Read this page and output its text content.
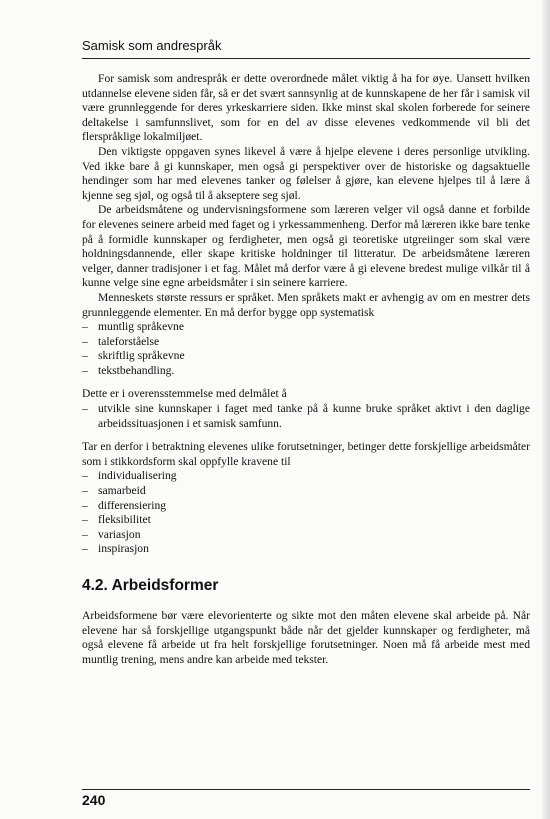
Samisk som andrespråk

For samisk som andrespråk er dette overordnede målet viktig å ha for øye. Uansett hvilken utdannelse elevene siden får, så er det svært sannsynlig at de kunnskapene de her får i samisk vil være grunnleggende for deres yrkeskarriere siden. Ikke minst skal skolen forberede for seinere deltakelse i samfunnslivet, som for en del av disse elevenes vedkommende vil bli det flerspråklige lokalmiljøet.

Den viktigste oppgaven synes likevel å være å hjelpe elevene i deres personlige utvikling. Ved ikke bare å gi kunnskaper, men også gi perspektiver over de historiske og dagsaktuelle hendinger som har med elevenes tanker og følelser å gjøre, kan elevene hjelpes til å lære å kjenne seg sjøl, og også til å akseptere seg sjøl.

De arbeidsmåtene og undervisningsformene som læreren velger vil også danne et forbilde for elevenes seinere arbeid med faget og i yrkessammenheng. Derfor må læreren ikke bare tenke på å formidle kunnskaper og ferdigheter, men også gi teoretiske utgreiinger som skal være holdningsdannende, eller skape kritiske holdninger til litteratur. De arbeidsmåtene læreren velger, danner tradisjoner i et fag. Målet må derfor være å gi elevene bredest mulige vilkår til å kunne velge sine egne arbeidsmåter i sin seinere karriere.

Menneskets største ressurs er språket. Men språkets makt er avhengig av om en mestrer dets grunnleggende elementer. En må derfor bygge opp systematisk

– muntlig språkevne
– taleforståelse
– skriftlig språkevne
– tekstbehandling.

Dette er i overensstemmelse med delmålet å

– utvikle sine kunnskaper i faget med tanke på å kunne bruke språket aktivt i den daglige arbeidssituasjonen i et samisk samfunn.

Tar en derfor i betraktning elevenes ulike forutsetninger, betinger dette forskjellige arbeidsmåter som i stikkordsform skal oppfylle kravene til

– individualisering
– samarbeid
– differensiering
– fleksibilitet
– variasjon
– inspirasjon
4.2. Arbeidsformer

Arbeidsformene bør være elevorienterte og sikte mot den måten elevene skal arbeide på. Når elevene har så forskjellige utgangspunkt både når det gjelder kunnskaper og ferdigheter, må også elevene få arbeide ut fra helt forskjellige forutsetninger. Noen må få arbeide mest med muntlig trening, mens andre kan arbeide med tekster.

240
